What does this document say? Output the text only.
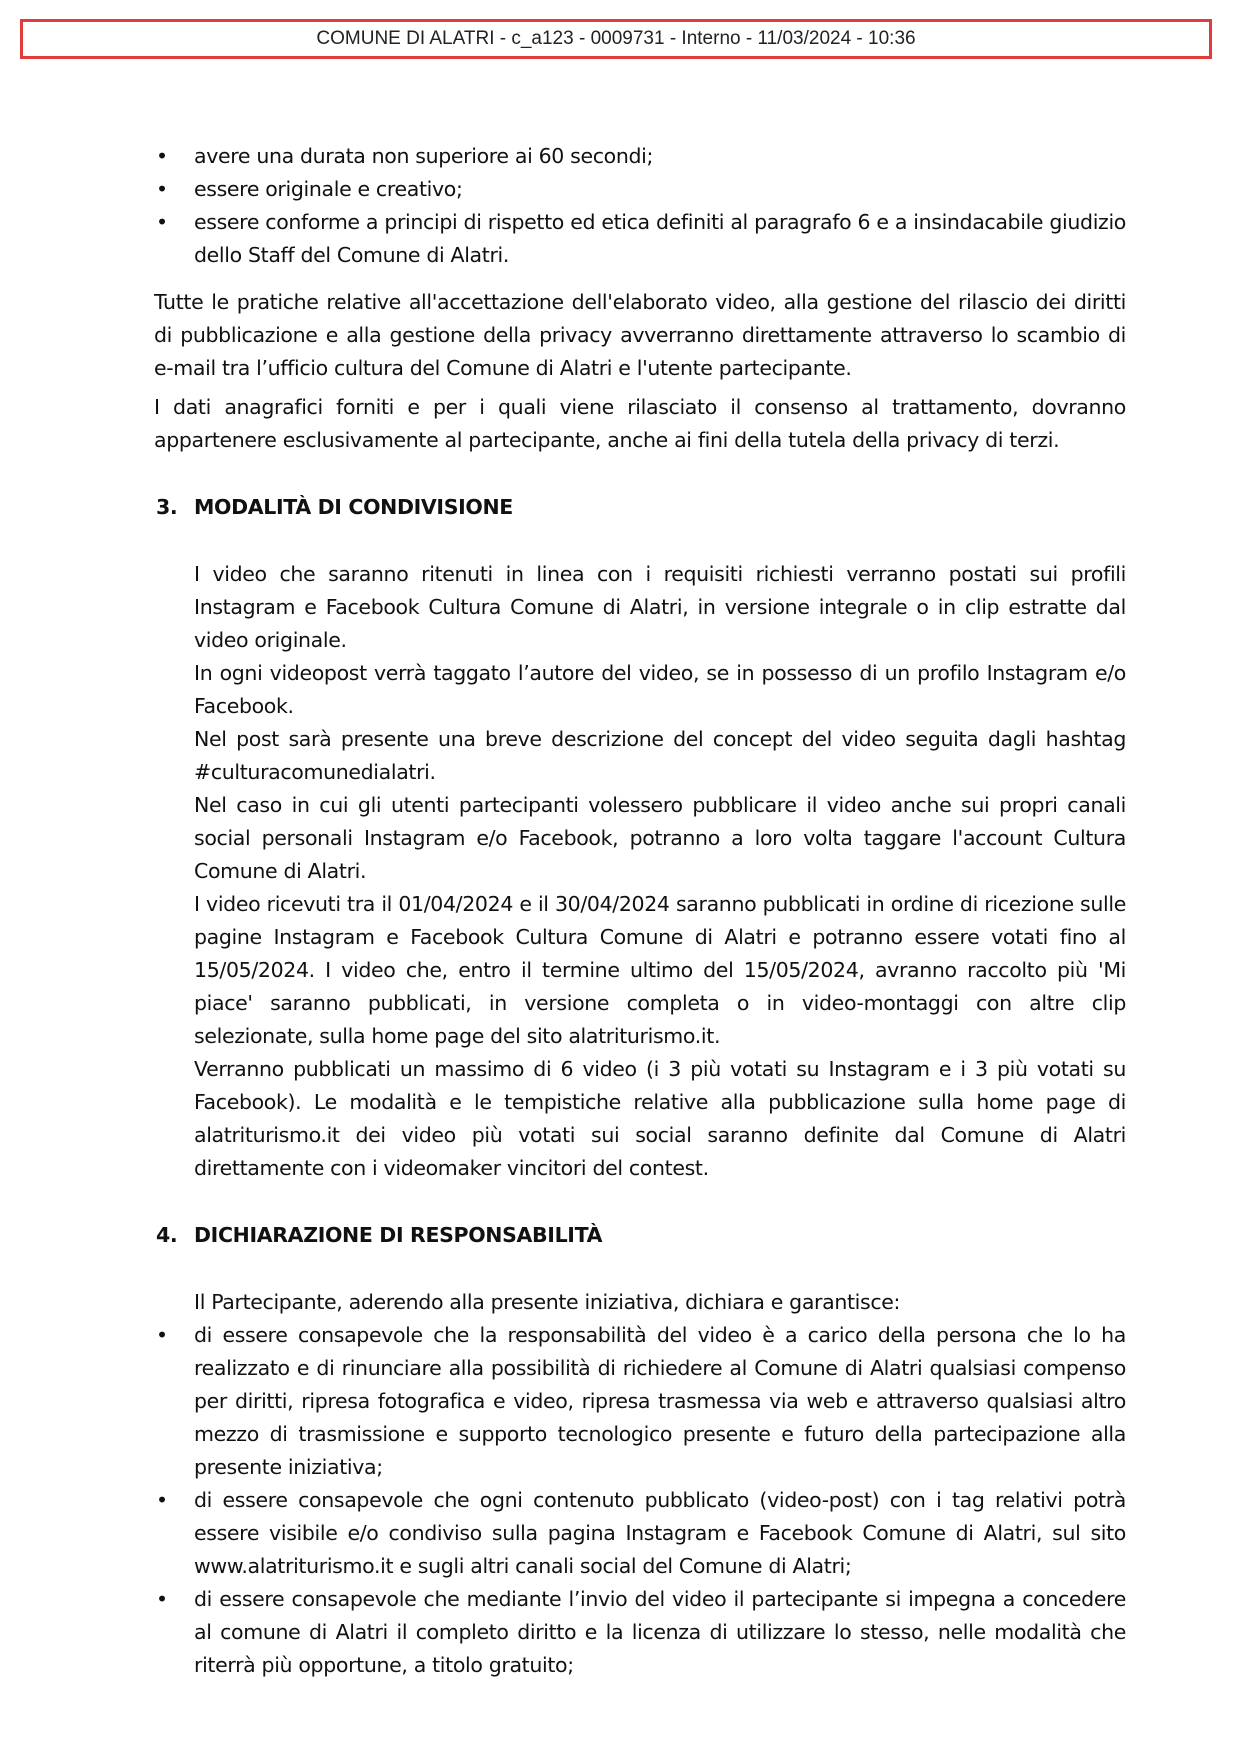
COMUNE DI ALATRI - c_a123 - 0009731 - Interno - 11/03/2024 - 10:36
• avere una durata non superiore ai 60 secondi;
• essere originale e creativo;
• essere conforme a principi di rispetto ed etica definiti al paragrafo 6 e a insindacabile giudizio dello Staff del Comune di Alatri.

Tutte le pratiche relative all'accettazione dell'elaborato video, alla gestione del rilascio dei diritti di pubblicazione e alla gestione della privacy avverranno direttamente attraverso lo scambio di e-mail tra l’ufficio cultura del Comune di Alatri e l'utente partecipante.

I dati anagrafici forniti e per i quali viene rilasciato il consenso al trattamento, dovranno appartenere esclusivamente al partecipante, anche ai fini della tutela della privacy di terzi.

3. MODALITÀ DI CONDIVISIONE

I video che saranno ritenuti in linea con i requisiti richiesti verranno postati sui profili Instagram e Facebook Cultura Comune di Alatri, in versione integrale o in clip estratte dal video originale.

In ogni videopost verrà taggato l’autore del video, se in possesso di un profilo Instagram e/o Facebook.

Nel post sarà presente una breve descrizione del concept del video seguita dagli hashtag #culturacomunedialatri.

Nel caso in cui gli utenti partecipanti volessero pubblicare il video anche sui propri canali social personali Instagram e/o Facebook, potranno a loro volta taggare l'account Cultura Comune di Alatri.

I video ricevuti tra il 01/04/2024 e il 30/04/2024 saranno pubblicati in ordine di ricezione sulle pagine Instagram e Facebook Cultura Comune di Alatri e potranno essere votati fino al 15/05/2024. I video che, entro il termine ultimo del 15/05/2024, avranno raccolto più 'Mi piace' saranno pubblicati, in versione completa o in video-montaggi con altre clip selezionate, sulla home page del sito alatriturismo.it.

Verranno pubblicati un massimo di 6 video (i 3 più votati su Instagram e i 3 più votati su Facebook). Le modalità e le tempistiche relative alla pubblicazione sulla home page di alatriturismo.it dei video più votati sui social saranno definite dal Comune di Alatri direttamente con i videomaker vincitori del contest.

4. DICHIARAZIONE DI RESPONSABILITÀ

Il Partecipante, aderendo alla presente iniziativa, dichiara e garantisce:

• di essere consapevole che la responsabilità del video è a carico della persona che lo ha realizzato e di rinunciare alla possibilità di richiedere al Comune di Alatri qualsiasi compenso per diritti, ripresa fotografica e video, ripresa trasmessa via web e attraverso qualsiasi altro mezzo di trasmissione e supporto tecnologico presente e futuro della partecipazione alla presente iniziativa;
• di essere consapevole che ogni contenuto pubblicato (video-post) con i tag relativi potrà essere visibile e/o condiviso sulla pagina Instagram e Facebook Comune di Alatri, sul sito www.alatriturismo.it e sugli altri canali social del Comune di Alatri;
• di essere consapevole che mediante l’invio del video il partecipante si impegna a concedere al comune di Alatri il completo diritto e la licenza di utilizzare lo stesso, nelle modalità che riterrà più opportune, a titolo gratuito;
